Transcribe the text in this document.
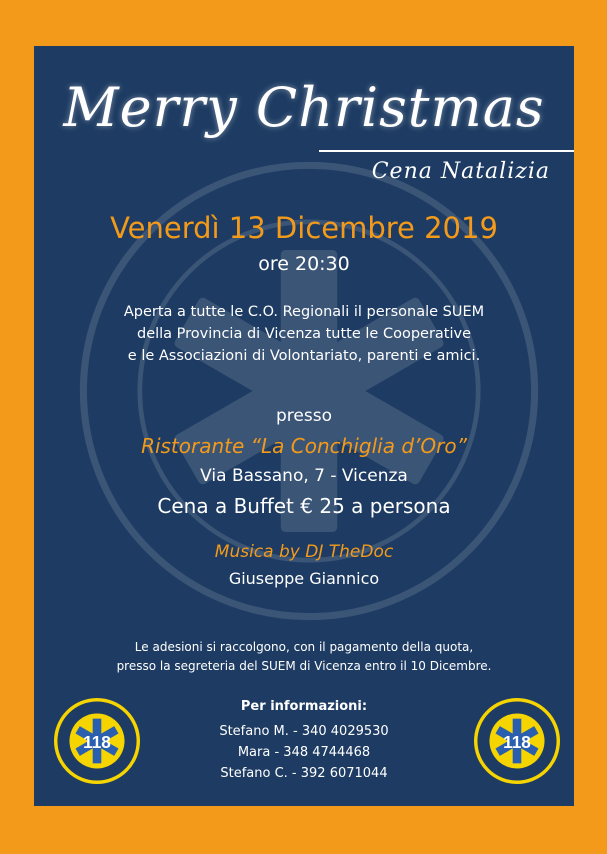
Merry Christmas
Cena Natalizia
Venerdì 13 Dicembre 2019
ore 20:30
Aperta a tutte le C.O. Regionali il personale SUEM
della Provincia di Vicenza tutte le Cooperative
e le Associazioni di Volontariato, parenti e amici.
presso
Ristorante “La Conchiglia d’Oro”
Via Bassano, 7 - Vicenza
Cena a Buffet € 25 a persona
Musica by DJ TheDoc
Giuseppe Giannico
Le adesioni si raccolgono, con il pagamento della quota,
presso la segreteria del SUEM di Vicenza entro il 10 Dicembre.
Per informazioni:
Stefano M. - 340 4029530
Mara - 348 4744468
Stefano C. - 392 6071044
118	118
